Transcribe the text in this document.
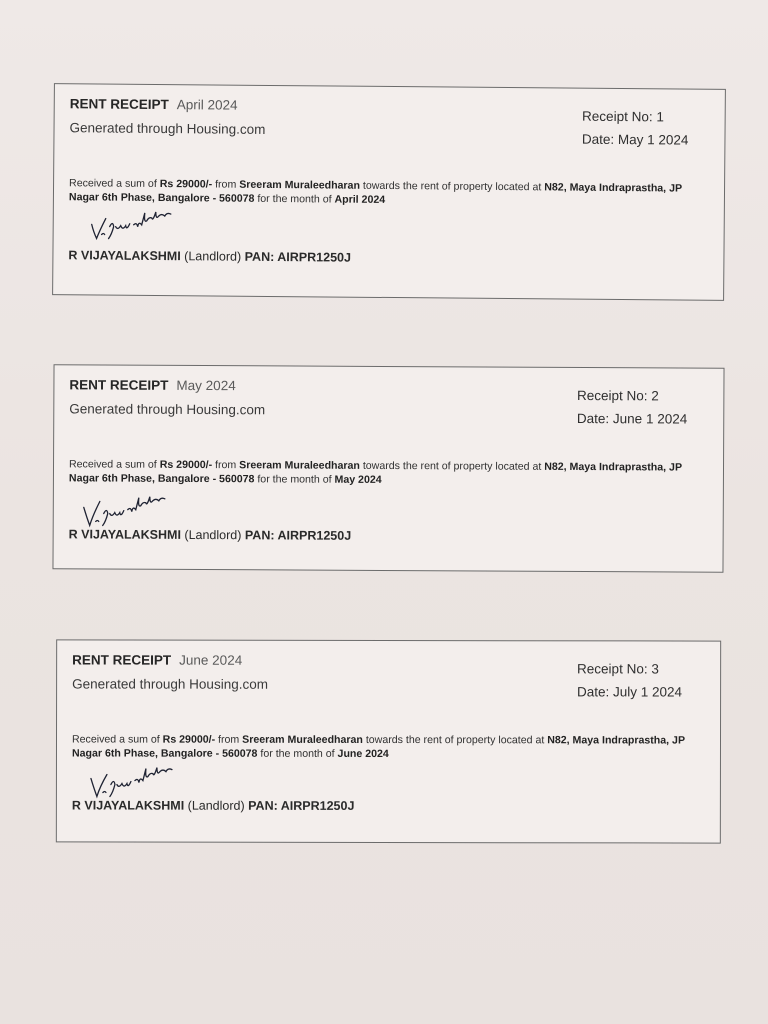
RENT RECEIPT April 2024
Generated through Housing.com
Receipt No: 1
Date: May 1 2024
Received a sum of Rs 29000/- from Sreeram Muraleedharan towards the rent of property located at N82, Maya Indraprastha, JP Nagar 6th Phase, Bangalore - 560078 for the month of April 2024
R VIJAYALAKSHMI (Landlord) PAN: AIRPR1250J
RENT RECEIPT May 2024
Generated through Housing.com
Receipt No: 2
Date: June 1 2024
Received a sum of Rs 29000/- from Sreeram Muraleedharan towards the rent of property located at N82, Maya Indraprastha, JP Nagar 6th Phase, Bangalore - 560078 for the month of May 2024
R VIJAYALAKSHMI (Landlord) PAN: AIRPR1250J
RENT RECEIPT June 2024
Generated through Housing.com
Receipt No: 3
Date: July 1 2024
Received a sum of Rs 29000/- from Sreeram Muraleedharan towards the rent of property located at N82, Maya Indraprastha, JP Nagar 6th Phase, Bangalore - 560078 for the month of June 2024
R VIJAYALAKSHMI (Landlord) PAN: AIRPR1250J
